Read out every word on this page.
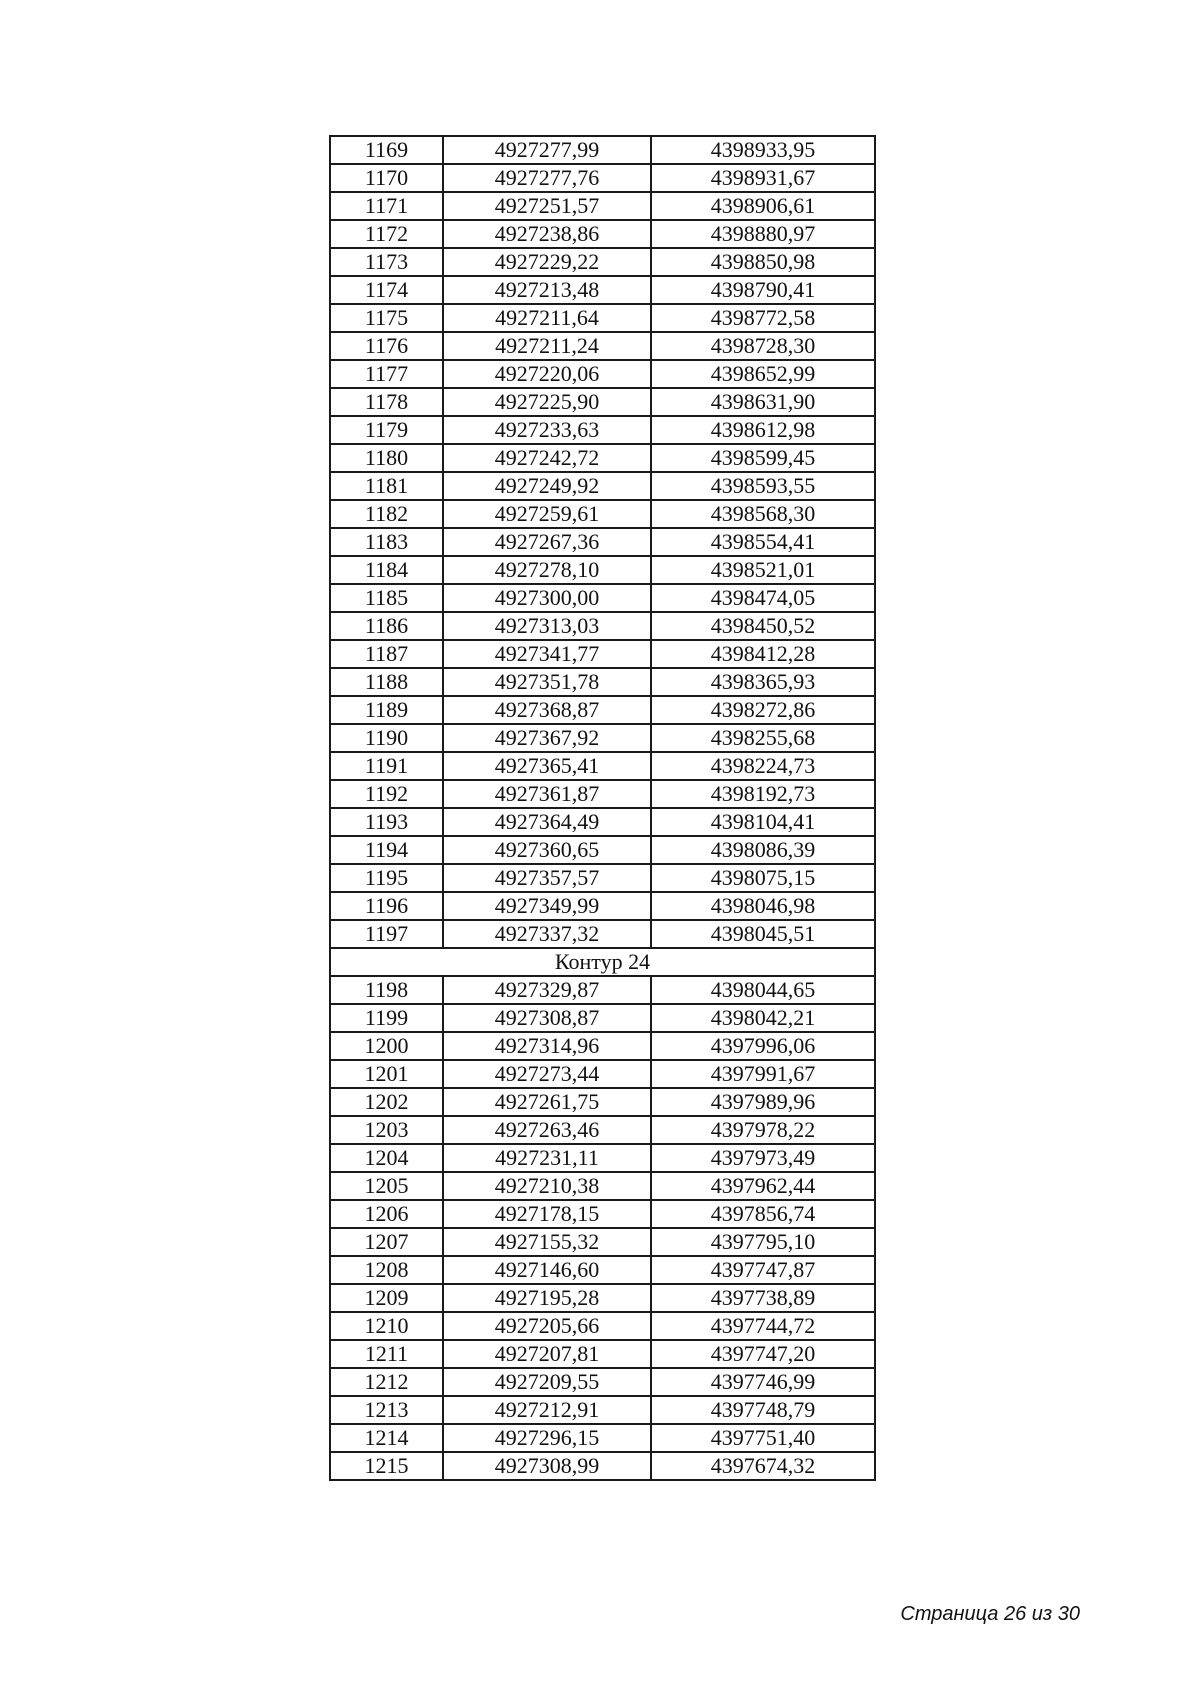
1169	4927277,99	4398933,95
1170	4927277,76	4398931,67
1171	4927251,57	4398906,61
1172	4927238,86	4398880,97
1173	4927229,22	4398850,98
1174	4927213,48	4398790,41
1175	4927211,64	4398772,58
1176	4927211,24	4398728,30
1177	4927220,06	4398652,99
1178	4927225,90	4398631,90
1179	4927233,63	4398612,98
1180	4927242,72	4398599,45
1181	4927249,92	4398593,55
1182	4927259,61	4398568,30
1183	4927267,36	4398554,41
1184	4927278,10	4398521,01
1185	4927300,00	4398474,05
1186	4927313,03	4398450,52
1187	4927341,77	4398412,28
1188	4927351,78	4398365,93
1189	4927368,87	4398272,86
1190	4927367,92	4398255,68
1191	4927365,41	4398224,73
1192	4927361,87	4398192,73
1193	4927364,49	4398104,41
1194	4927360,65	4398086,39
1195	4927357,57	4398075,15
1196	4927349,99	4398046,98
1197	4927337,32	4398045,51
Контур 24		
1198	4927329,87	4398044,65
1199	4927308,87	4398042,21
1200	4927314,96	4397996,06
1201	4927273,44	4397991,67
1202	4927261,75	4397989,96
1203	4927263,46	4397978,22
1204	4927231,11	4397973,49
1205	4927210,38	4397962,44
1206	4927178,15	4397856,74
1207	4927155,32	4397795,10
1208	4927146,60	4397747,87
1209	4927195,28	4397738,89
1210	4927205,66	4397744,72
1211	4927207,81	4397747,20
1212	4927209,55	4397746,99
1213	4927212,91	4397748,79
1214	4927296,15	4397751,40
1215	4927308,99	4397674,32
Страница 26 из 30
